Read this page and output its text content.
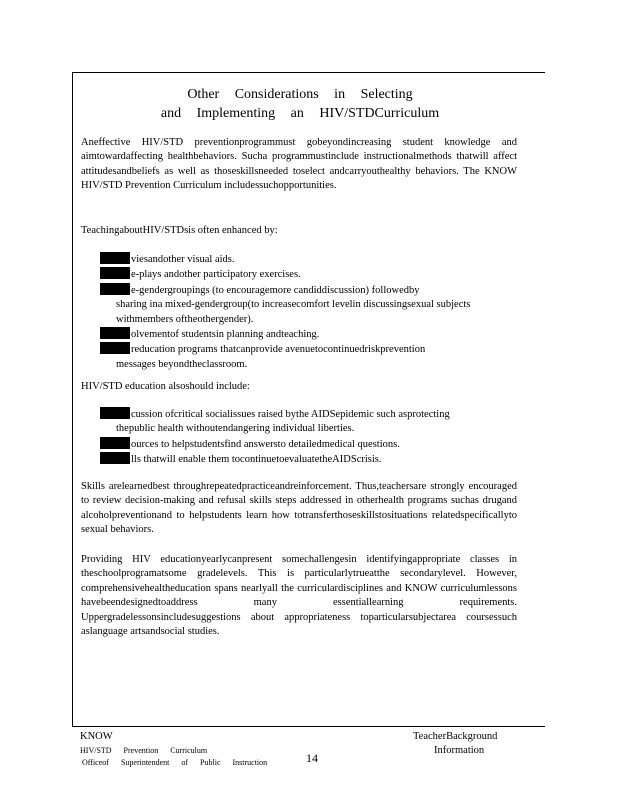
Other Considerations in Selecting
and Implementing an HIV/STDCurriculum
Aneffective HIV/STD preventionprogrammust gobeyondincreasing student knowledge and aimtowardaffecting healthbehaviors. Sucha programmustinclude instructionalmethods thatwill affect attitudesandbeliefs as well as thoseskillsneeded toselect andcarryouthealthy behaviors. The KNOW HIV/STD Prevention Curriculum includessuchopportunities.
TeachingaboutHIV/STDsis often enhanced by:
viesandother visual aids.
e-plays andother participatory exercises.
e-gendergroupings (to encouragemore candiddiscussion) followedby
sharing ina mixed-gendergroup(to increasecomfort levelin discussingsexual subjects withmembers oftheothergender).
olvementof studentsin planning andteaching.
reducation programs thatcanprovide avenuetocontinuedriskprevention
messages beyondtheclassroom.
HIV/STD education alsoshould include:
cussion ofcritical socialissues raised bythe AIDSepidemic such asprotecting
thepublic health withoutendangering individual liberties.
ources to helpstudentsfind answersto detailedmedical questions.
lls thatwill enable them tocontinuetoevaluatetheAIDScrisis.
Skills arelearnedbest throughrepeatedpracticeandreinforcement. Thus,teachersare strongly encouraged to review decision-making and refusal skills steps addressed in otherhealth programs suchas drugand alcoholpreventionand to helpstudents learn how totransferthoseskillstosituations relatedspecificallyto sexual behaviors.
Providing HIV educationyearlycanpresent somechallengesin identifyingappropriate classes in theschoolprogramatsome gradelevels. This is particularlytrueatthe secondarylevel. However, comprehensivehealtheducation spans nearlyall the curriculardisciplines and KNOW curriculumlessons havebeendesignedtoaddress many essentiallearning requirements. Uppergradelessonsincludesuggestions about appropriateness toparticularsubjectarea coursessuch aslanguage artsandsocial studies.
KNOW
HIV/STD Prevention Curriculum
Officeof Superintendent of Public Instruction	14
TeacherBackground
Information
